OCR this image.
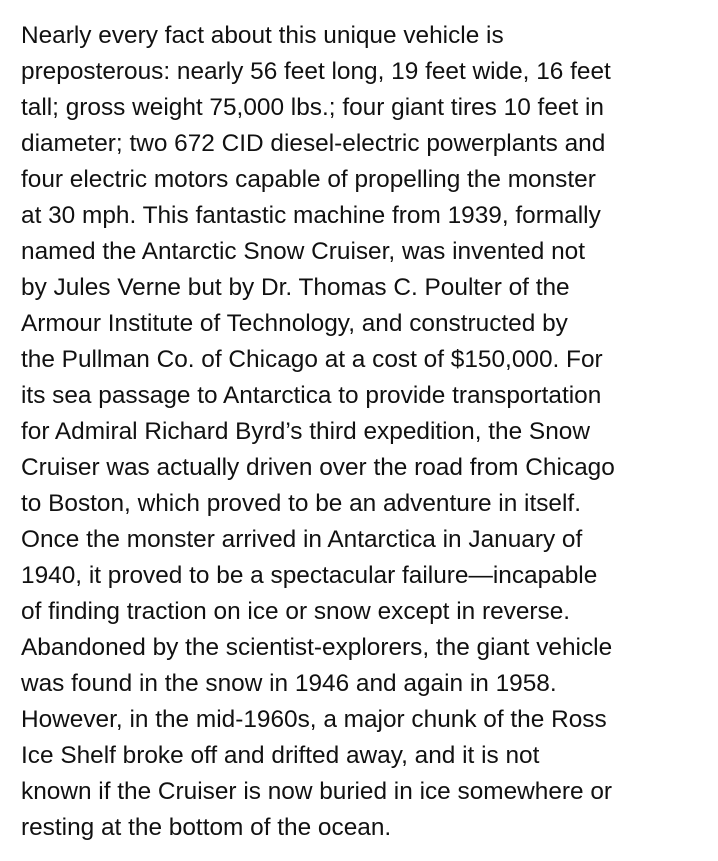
Nearly every fact about this unique vehicle is
preposterous: nearly 56 feet long, 19 feet wide, 16 feet
tall; gross weight 75,000 lbs.; four giant tires 10 feet in
diameter; two 672 CID diesel-electric powerplants and
four electric motors capable of propelling the monster
at 30 mph. This fantastic machine from 1939, formally
named the Antarctic Snow Cruiser, was invented not
by Jules Verne but by Dr. Thomas C. Poulter of the
Armour Institute of Technology, and constructed by
the Pullman Co. of Chicago at a cost of $150,000. For
its sea passage to Antarctica to provide transportation
for Admiral Richard Byrd’s third expedition, the Snow
Cruiser was actually driven over the road from Chicago
to Boston, which proved to be an adventure in itself.
Once the monster arrived in Antarctica in January of
1940, it proved to be a spectacular failure—incapable
of finding traction on ice or snow except in reverse.
Abandoned by the scientist-explorers, the giant vehicle
was found in the snow in 1946 and again in 1958.
However, in the mid-1960s, a major chunk of the Ross
Ice Shelf broke off and drifted away, and it is not
known if the Cruiser is now buried in ice somewhere or
resting at the bottom of the ocean.
